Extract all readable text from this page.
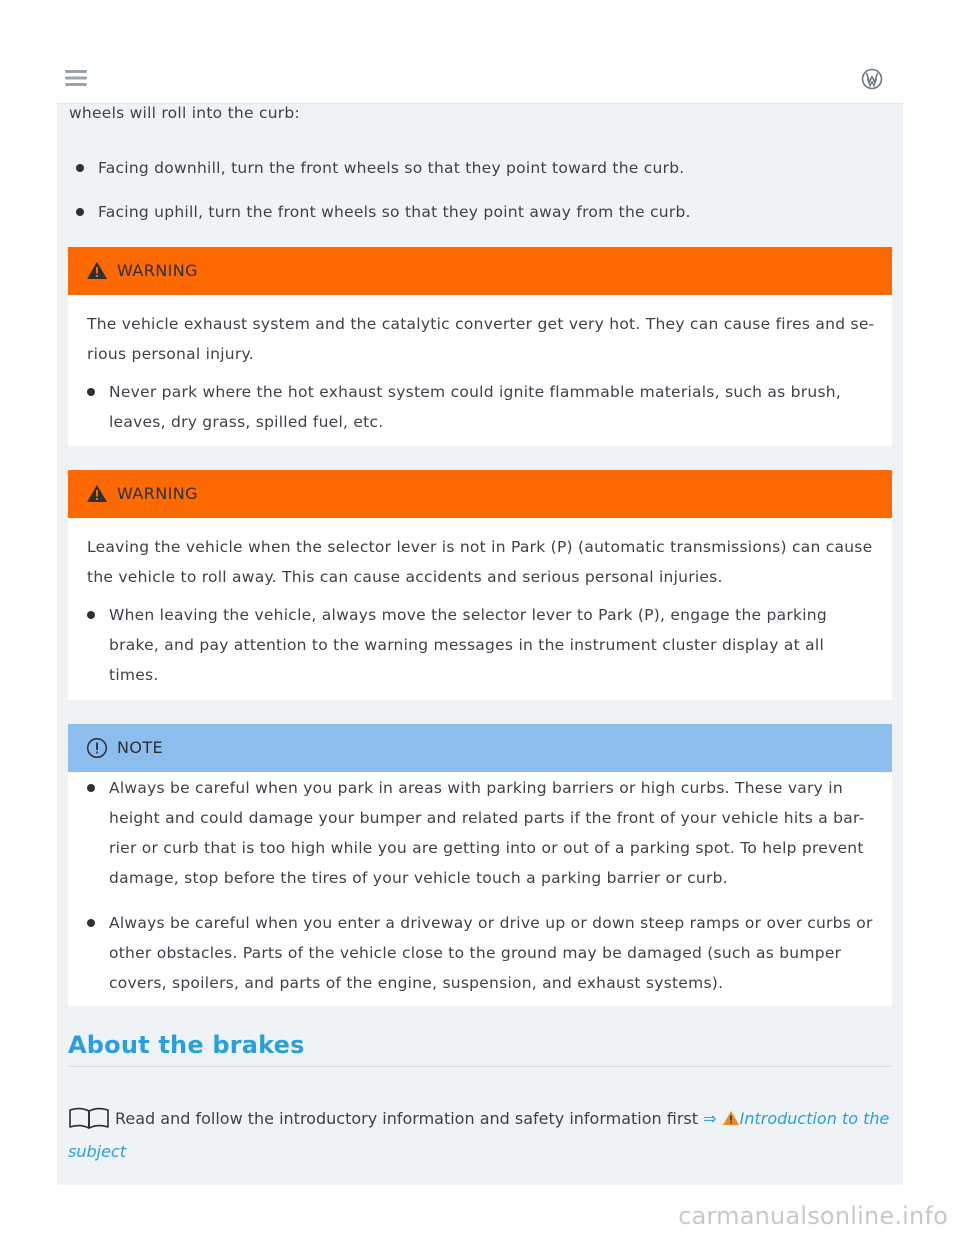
wheels will roll into the curb:

Facing downhill, turn the front wheels so that they point toward the curb.
Facing uphill, turn the front wheels so that they point away from the curb.
WARNING
The vehicle exhaust system and the catalytic converter get very hot. They can cause fires and se-
rious personal injury.
Never park where the hot exhaust system could ignite flammable materials, such as brush,
leaves, dry grass, spilled fuel, etc.
WARNING
Leaving the vehicle when the selector lever is not in Park (P) (automatic transmissions) can cause
the vehicle to roll away. This can cause accidents and serious personal injuries.
When leaving the vehicle, always move the selector lever to Park (P), engage the parking
brake, and pay attention to the warning messages in the instrument cluster display at all
times.
NOTE
Always be careful when you park in areas with parking barriers or high curbs. These vary in
height and could damage your bumper and related parts if the front of your vehicle hits a bar-
rier or curb that is too high while you are getting into or out of a parking spot. To help prevent
damage, stop before the tires of your vehicle touch a parking barrier or curb.
Always be careful when you enter a driveway or drive up or down steep ramps or over curbs or
other obstacles. Parts of the vehicle close to the ground may be damaged (such as bumper
covers, spoilers, and parts of the engine, suspension, and exhaust systems).
About the brakes
Read and follow the introductory information and safety information first ⇒ Introduction to the subject
carmanualsonline.info
